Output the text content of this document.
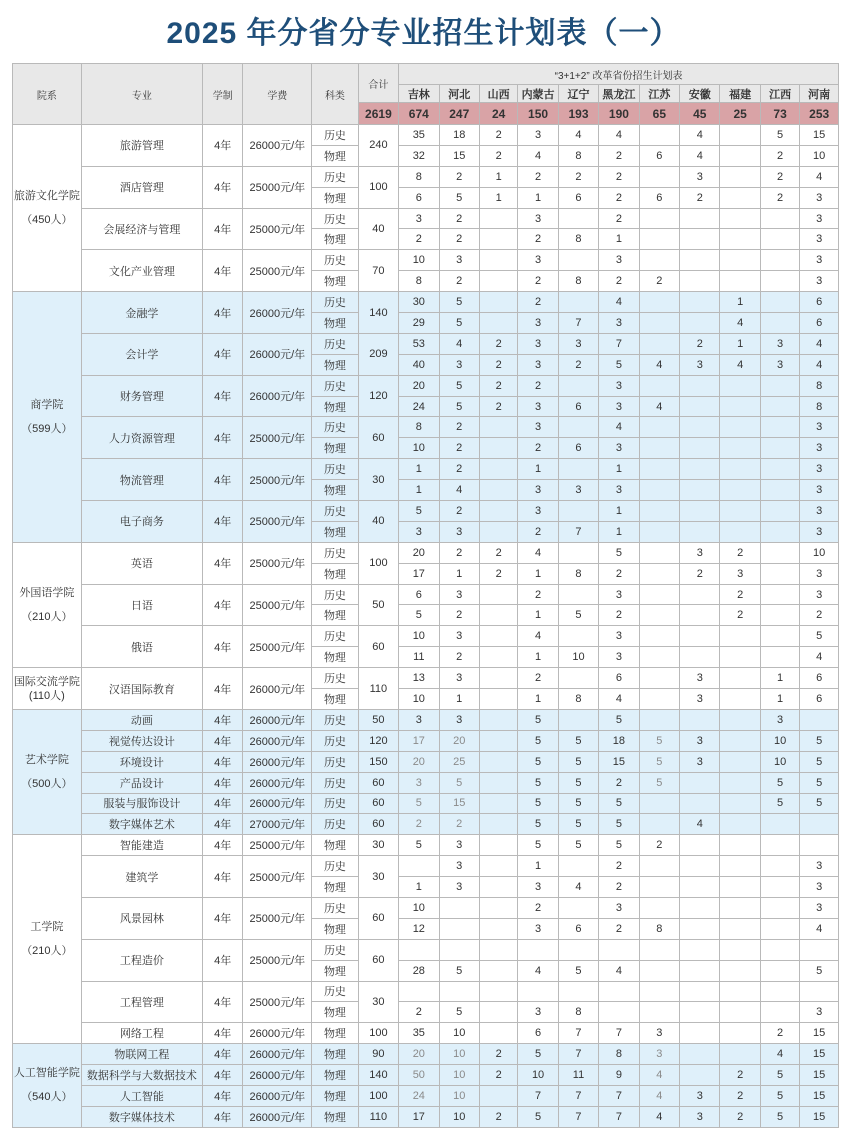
2025 年分省分专业招生计划表（一）
院系	专业	学制	学费	科类	合计	“3+1+2” 改革省份招生计划表										
						吉林	河北	山西	内蒙古	辽宁	黑龙江	江苏	安徽	福建	江西	河南
					2619	674	247	24	150	193	190	65	45	25	73	253

旅游文化学院
（450人）	旅游管理	4年	26000元/年	历史	240	35	18	2	3	4	4		4		5	15
				物理		32	15	2	4	8	2	6	4		2	10
	酒店管理	4年	25000元/年	历史	100	8	2	1	2	2	2		3		2	4
				物理		6	5	1	1	6	2	6	2		2	3
	会展经济与管理	4年	25000元/年	历史	40	3	2		3		2					3
				物理		2	2		2	8	1					3
	文化产业管理	4年	25000元/年	历史	70	10	3		3		3					3
				物理		8	2		2	8	2	2				3

商学院
（599人）	金融学	4年	26000元/年	历史	140	30	5		2		4			1		6
				物理		29	5		3	7	3			4		6
	会计学	4年	26000元/年	历史	209	53	4	2	3	3	7		2	1	3	4
				物理		40	3	2	3	2	5	4	3	4	3	4
	财务管理	4年	26000元/年	历史	120	20	5	2	2		3					8
				物理		24	5	2	3	6	3	4				8
	人力资源管理	4年	25000元/年	历史	60	8	2		3		4					3
				物理		10	2		2	6	3					3
	物流管理	4年	25000元/年	历史	30	1	2		1		1					3
				物理		1	4		3	3	3					3
	电子商务	4年	25000元/年	历史	40	5	2		3		1					3
				物理		3	3		2	7	1					3

外国语学院
（210人）	英语	4年	25000元/年	历史	100	20	2	2	4		5		3	2		10
				物理		17	1	2	1	8	2		2	3		3
	日语	4年	25000元/年	历史	50	6	3		2		3			2		3
				物理		5	2		1	5	2			2		2
	俄语	4年	25000元/年	历史	60	10	3		4		3					5
				物理		11	2		1	10	3					4

国际交流学院(110人)	汉语国际教育	4年	26000元/年	历史	110	13	3		2		6		3		1	6
				物理		10	1		1	8	4		3		1	6

艺术学院
（500人）	动画	4年	26000元/年	历史	50	3	3		5		5				3	
	视觉传达设计	4年	26000元/年	历史	120	17	20		5	5	18	5	3		10	5
	环境设计	4年	26000元/年	历史	150	20	25		5	5	15	5	3		10	5
	产品设计	4年	26000元/年	历史	60	3	5		5	5	2	5			5	5
	服装与服饰设计	4年	26000元/年	历史	60	5	15		5	5	5				5	5
	数字媒体艺术	4年	27000元/年	历史	60	2	2		5	5	5		4			

工学院
（210人）	智能建造	4年	25000元/年	物理	30	5	3		5	5	5	2				
	建筑学	4年	25000元/年	历史	30		3		1		2					3
				物理		1	3		3	4	2					3
	风景园林	4年	25000元/年	历史	60	10			2		3					3
				物理		12			3	6	2	8				4
	工程造价	4年	25000元/年	历史	60											
				物理		28	5		4	5	4					5
	工程管理	4年	25000元/年	历史	30											
				物理		2	5		3	8						3
	网络工程	4年	26000元/年	物理	100	35	10		6	7	7	3			2	15

人工智能学院
（540人）	物联网工程	4年	26000元/年	物理	90	20	10	2	5	7	8	3			4	15
	数据科学与大数据技术	4年	26000元/年	物理	140	50	10	2	10	11	9	4		2	5	15
	人工智能	4年	26000元/年	物理	100	24	10		7	7	7	4	3	2	5	15
	数字媒体技术	4年	26000元/年	物理	110	17	10	2	5	7	7	4	3	2	5	15
